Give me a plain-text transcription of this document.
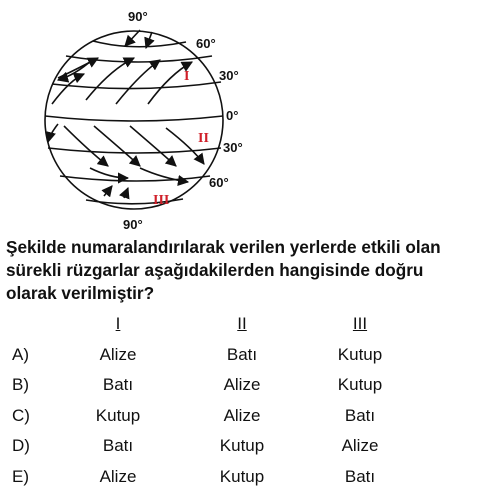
90°
60°
30°
0°
30°
60°
90°
I
II
III

Şekilde numaralandırılarak verilen yerlerde etkili olan sürekli rüzgarlar aşağıdakilerden hangisinde doğru olarak verilmiştir?

I	II	III
A)	Alize	Batı	Kutup
B)	Batı	Alize	Kutup
C)	Kutup	Alize	Batı
D)	Batı	Kutup	Alize
E)	Alize	Kutup	Batı
